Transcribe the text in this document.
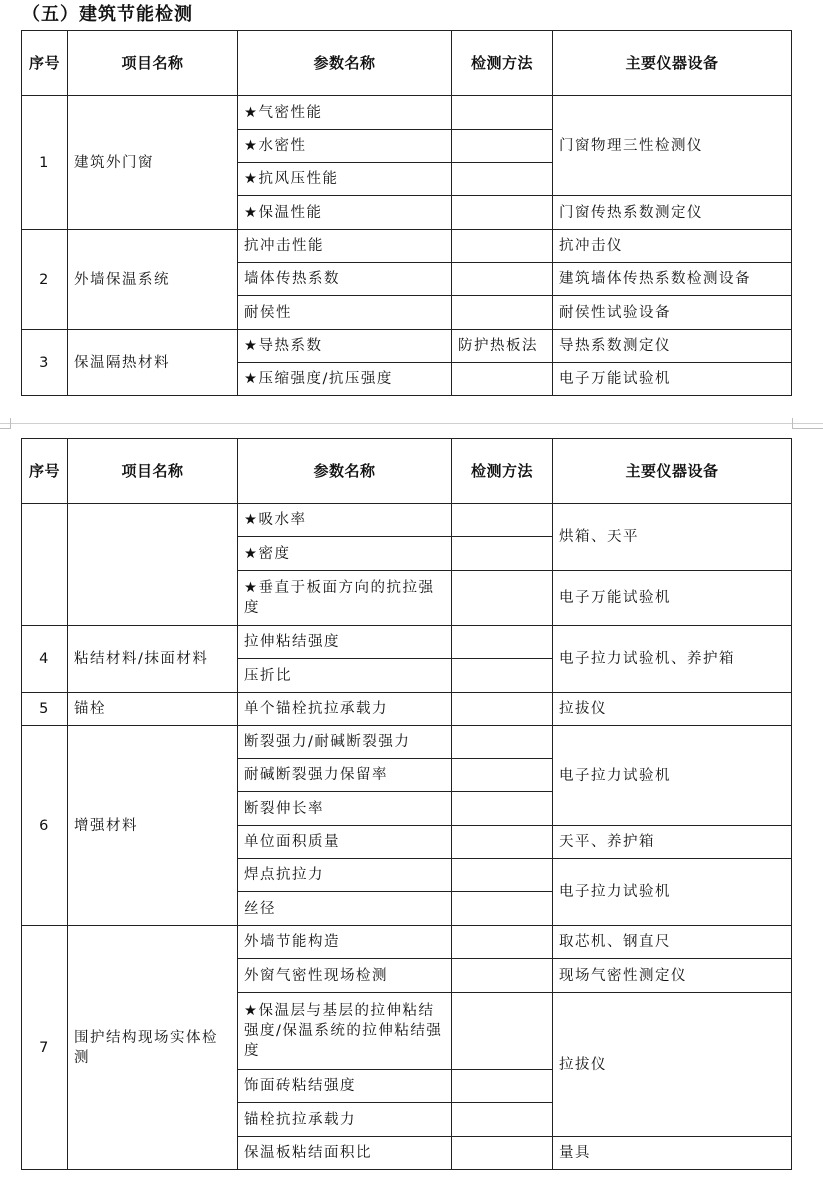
（五）建筑节能检测
序号	项目名称	参数名称	检测方法	主要仪器设备
1	建筑外门窗	★气密性能		门窗物理三性检测仪
		★水密性		
		★抗风压性能		
		★保温性能		门窗传热系数测定仪
2	外墙保温系统	抗冲击性能		抗冲击仪
		墙体传热系数		建筑墙体传热系数检测设备
		耐侯性		耐侯性试验设备
3	保温隔热材料	★导热系数	防护热板法	导热系数测定仪
		★压缩强度/抗压强度		电子万能试验机
序号	项目名称	参数名称	检测方法	主要仪器设备
		★吸水率		烘箱、天平
		★密度		
		★垂直于板面方向的抗拉强度		电子万能试验机
4	粘结材料/抹面材料	拉伸粘结强度		电子拉力试验机、养护箱
		压折比		
5	锚栓	单个锚栓抗拉承载力		拉拔仪
6	增强材料	断裂强力/耐碱断裂强力		电子拉力试验机
		耐碱断裂强力保留率		
		断裂伸长率		
		单位面积质量		天平、养护箱
		焊点抗拉力		电子拉力试验机
		丝径		
7	围护结构现场实体检测	外墙节能构造		取芯机、钢直尺
		外窗气密性现场检测		现场气密性测定仪
		★保温层与基层的拉伸粘结强度/保温系统的拉伸粘结强度		拉拔仪
		饰面砖粘结强度		
		锚栓抗拉承载力		
		保温板粘结面积比		量具
